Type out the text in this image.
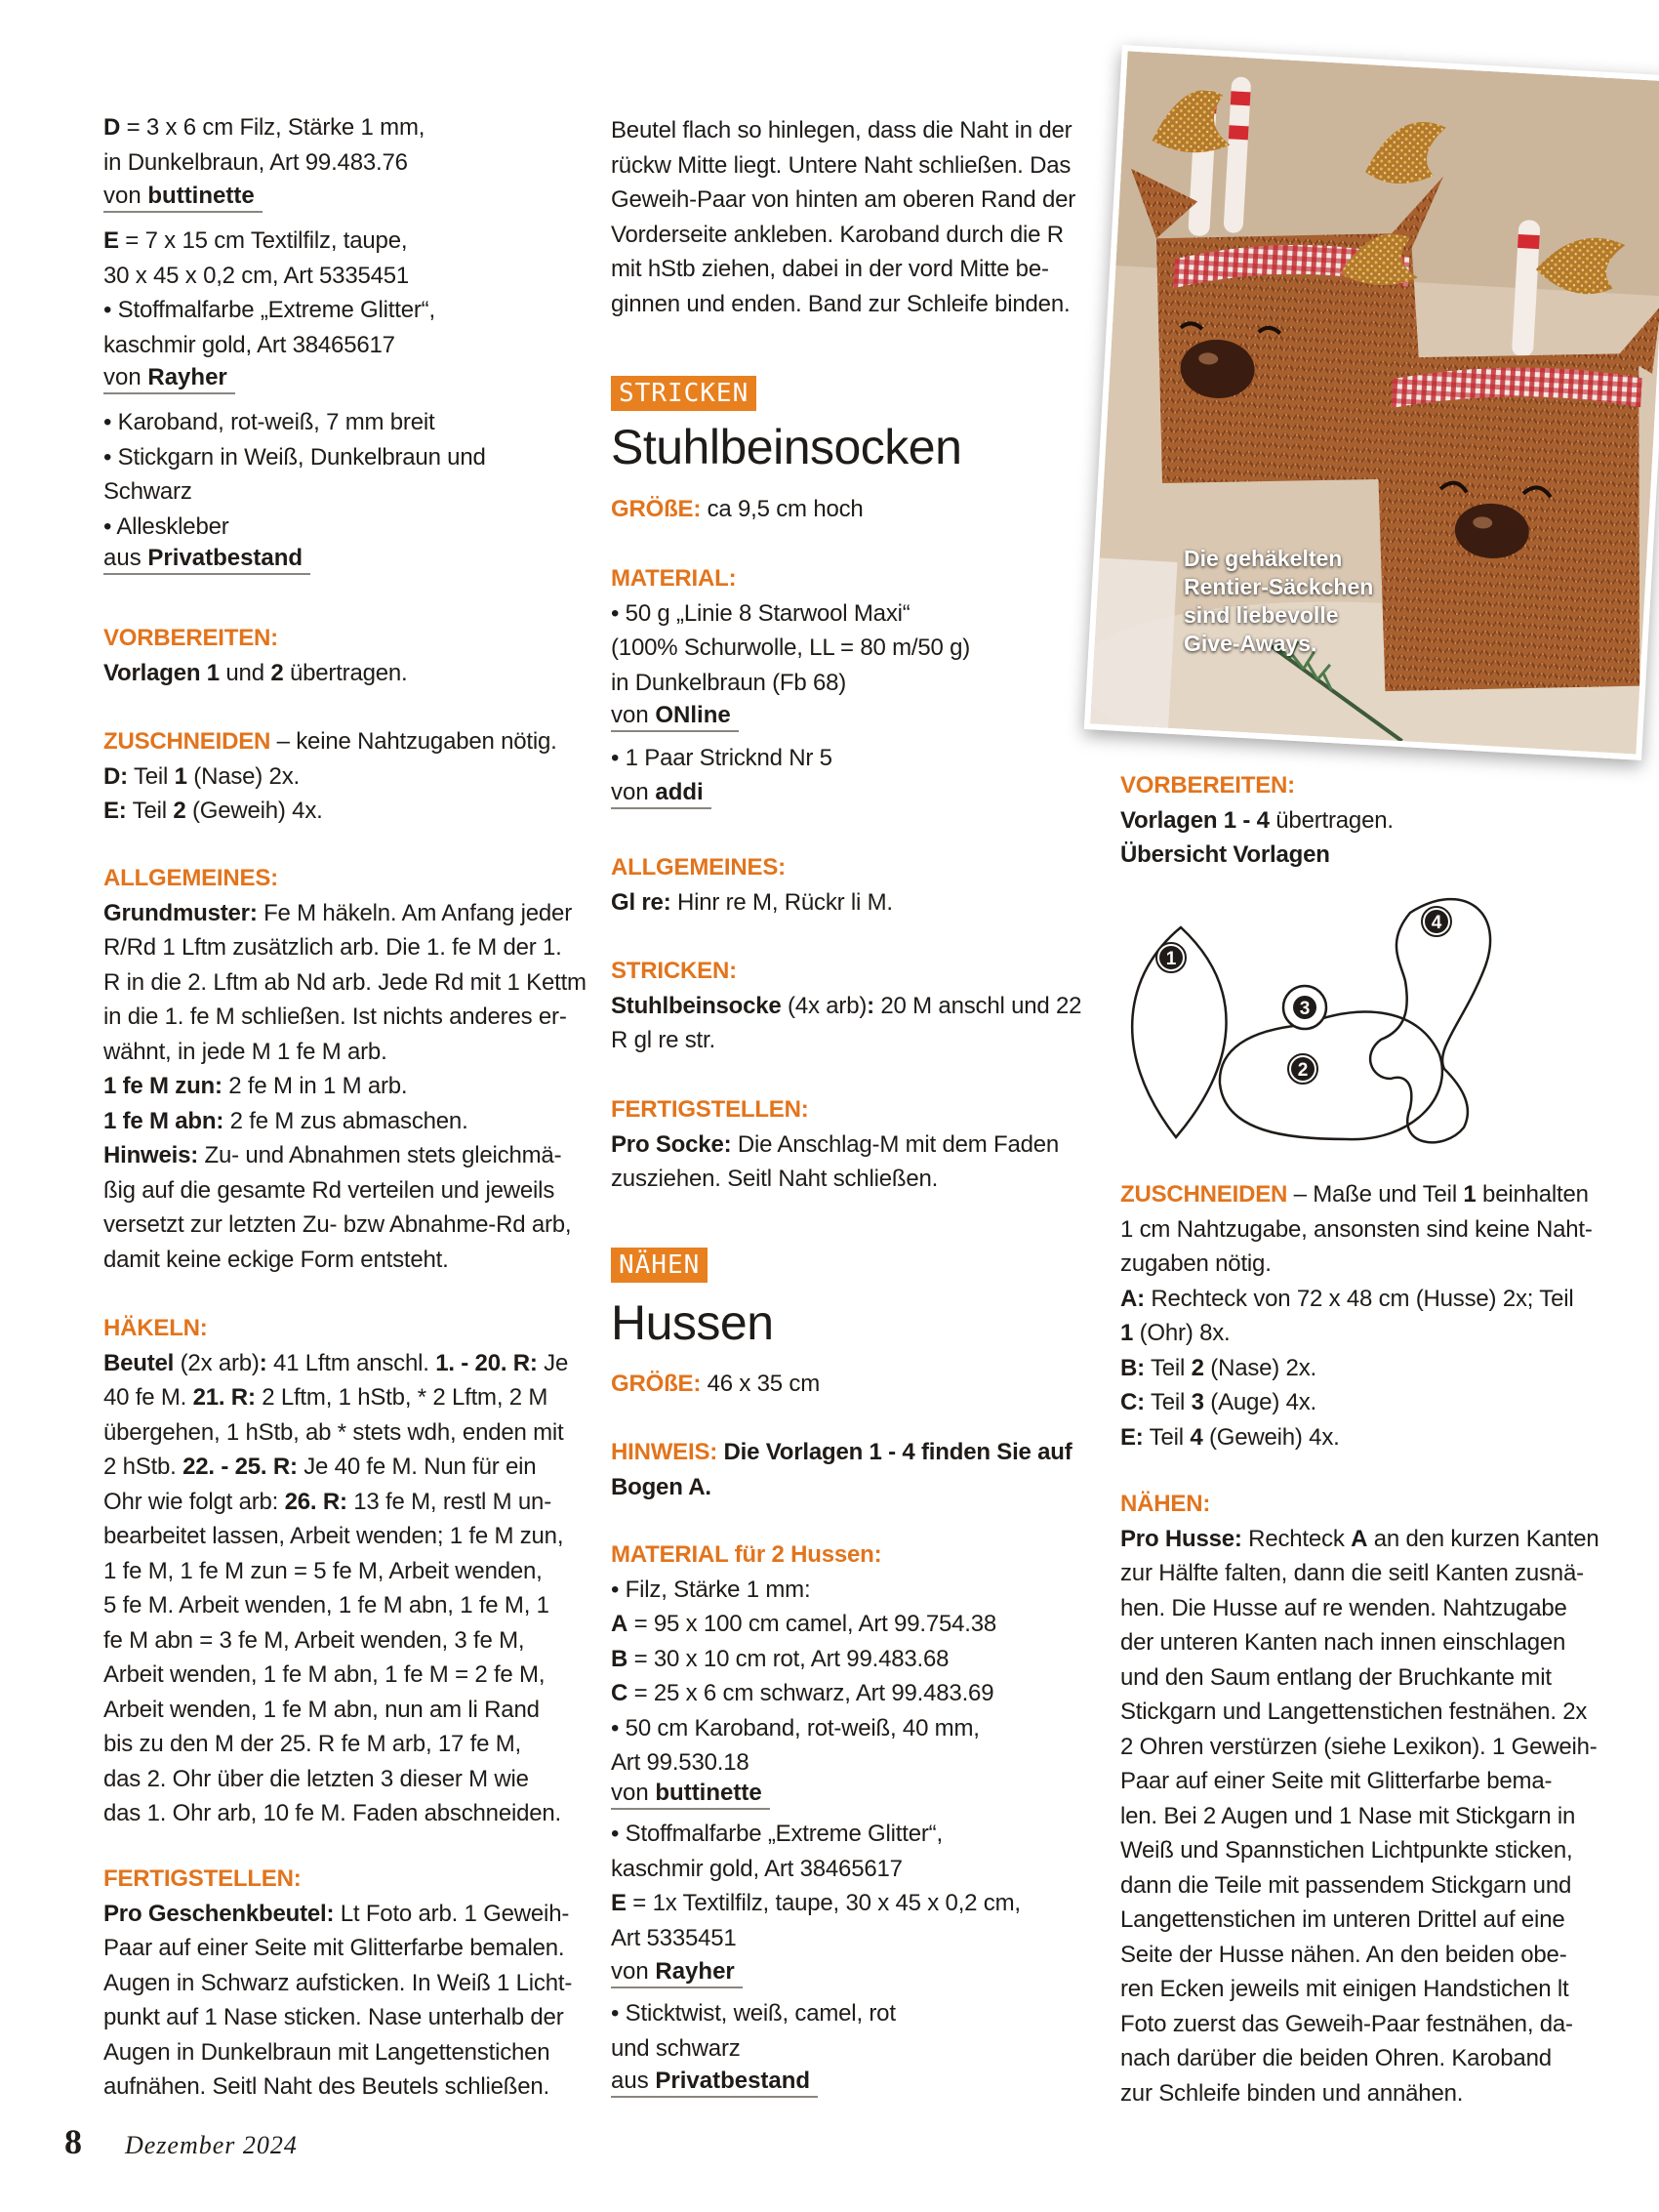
D = 3 x 6 cm Filz, Stärke 1 mm,
in Dunkelbraun, Art 99.483.76
von buttinette
E = 7 x 15 cm Textilfilz, taupe,
30 x 45 x 0,2 cm, Art 5335451
• Stoffmalfarbe „Extreme Glitter“,
kaschmir gold, Art 38465617
von Rayher
• Karoband, rot-weiß, 7 mm breit
• Stickgarn in Weiß, Dunkelbraun und
Schwarz
• Alleskleber
aus Privatbestand
VORBEREITEN:
Vorlagen 1 und 2 übertragen.
ZUSCHNEIDEN – keine Nahtzugaben nötig.
D: Teil 1 (Nase) 2x.
E: Teil 2 (Geweih) 4x.
ALLGEMEINES:
Grundmuster: Fe M häkeln. Am Anfang jeder
R/Rd 1 Lftm zusätzlich arb. Die 1. fe M der 1.
R in die 2. Lftm ab Nd arb. Jede Rd mit 1 Kettm
in die 1. fe M schließen. Ist nichts anderes er-
wähnt, in jede M 1 fe M arb.
1 fe M zun: 2 fe M in 1 M arb.
1 fe M abn: 2 fe M zus abmaschen.
Hinweis: Zu- und Abnahmen stets gleichmä-
ßig auf die gesamte Rd verteilen und jeweils
versetzt zur letzten Zu- bzw Abnahme-Rd arb,
damit keine eckige Form entsteht.
HÄKELN:
Beutel (2x arb): 41 Lftm anschl. 1. - 20. R: Je
40 fe M. 21. R: 2 Lftm, 1 hStb, * 2 Lftm, 2 M
übergehen, 1 hStb, ab * stets wdh, enden mit
2 hStb. 22. - 25. R: Je 40 fe M. Nun für ein
Ohr wie folgt arb: 26. R: 13 fe M, restl M un-
bearbeitet lassen, Arbeit wenden; 1 fe M zun,
1 fe M, 1 fe M zun = 5 fe M, Arbeit wenden,
5 fe M. Arbeit wenden, 1 fe M abn, 1 fe M, 1
fe M abn = 3 fe M, Arbeit wenden, 3 fe M,
Arbeit wenden, 1 fe M abn, 1 fe M = 2 fe M,
Arbeit wenden, 1 fe M abn, nun am li Rand
bis zu den M der 25. R fe M arb, 17 fe M,
das 2. Ohr über die letzten 3 dieser M wie
das 1. Ohr arb, 10 fe M. Faden abschneiden.
FERTIGSTELLEN:
Pro Geschenkbeutel: Lt Foto arb. 1 Geweih-
Paar auf einer Seite mit Glitterfarbe bemalen.
Augen in Schwarz aufsticken. In Weiß 1 Licht-
punkt auf 1 Nase sticken. Nase unterhalb der
Augen in Dunkelbraun mit Langettenstichen
aufnähen. Seitl Naht des Beutels schließen.
Beutel flach so hinlegen, dass die Naht in der
rückw Mitte liegt. Untere Naht schließen. Das
Geweih-Paar von hinten am oberen Rand der
Vorderseite ankleben. Karoband durch die R
mit hStb ziehen, dabei in der vord Mitte be-
ginnen und enden. Band zur Schleife binden.
STRICKEN
Stuhlbeinsocken
GRÖßE: ca 9,5 cm hoch
MATERIAL:
• 50 g „Linie 8 Starwool Maxi“
(100% Schurwolle, LL = 80 m/50 g)
in Dunkelbraun (Fb 68)
von ONline
• 1 Paar Stricknd Nr 5
von addi
ALLGEMEINES:
Gl re: Hinr re M, Rückr li M.
STRICKEN:
Stuhlbeinsocke (4x arb): 20 M anschl und 22
R gl re str.
FERTIGSTELLEN:
Pro Socke: Die Anschlag-M mit dem Faden
zusziehen. Seitl Naht schließen.
NÄHEN
Hussen
GRÖßE: 46 x 35 cm
HINWEIS: Die Vorlagen 1 - 4 finden Sie auf
Bogen A.
MATERIAL für 2 Hussen:
• Filz, Stärke 1 mm:
A = 95 x 100 cm camel, Art 99.754.38
B = 30 x 10 cm rot, Art 99.483.68
C = 25 x 6 cm schwarz, Art 99.483.69
• 50 cm Karoband, rot-weiß, 40 mm,
Art 99.530.18
von buttinette
• Stoffmalfarbe „Extreme Glitter“,
kaschmir gold, Art 38465617
E = 1x Textilfilz, taupe, 30 x 45 x 0,2 cm,
Art 5335451
von Rayher
• Sticktwist, weiß, camel, rot
und schwarz
aus Privatbestand
Die gehäkelten
Rentier-Säckchen
sind liebevolle
Give-Aways.
VORBEREITEN:
Vorlagen 1 - 4 übertragen.
Übersicht Vorlagen
ZUSCHNEIDEN – Maße und Teil 1 beinhalten
1 cm Nahtzugabe, ansonsten sind keine Naht-
zugaben nötig.
A: Rechteck von 72 x 48 cm (Husse) 2x; Teil
1 (Ohr) 8x.
B: Teil 2 (Nase) 2x.
C: Teil 3 (Auge) 4x.
E: Teil 4 (Geweih) 4x.
NÄHEN:
Pro Husse: Rechteck A an den kurzen Kanten
zur Hälfte falten, dann die seitl Kanten zusnä-
hen. Die Husse auf re wenden. Nahtzugabe
der unteren Kanten nach innen einschlagen
und den Saum entlang der Bruchkante mit
Stickgarn und Langettenstichen festnähen. 2x
2 Ohren verstürzen (siehe Lexikon). 1 Geweih-
Paar auf einer Seite mit Glitterfarbe bema-
len. Bei 2 Augen und 1 Nase mit Stickgarn in
Weiß und Spannstichen Lichtpunkte sticken,
dann die Teile mit passendem Stickgarn und
Langettenstichen im unteren Drittel auf eine
Seite der Husse nähen. An den beiden obe-
ren Ecken jeweils mit einigen Handstichen lt
Foto zuerst das Geweih-Paar festnähen, da-
nach darüber die beiden Ohren. Karoband
zur Schleife binden und annähen.
1
2
3
4
8 Dezember 2024
